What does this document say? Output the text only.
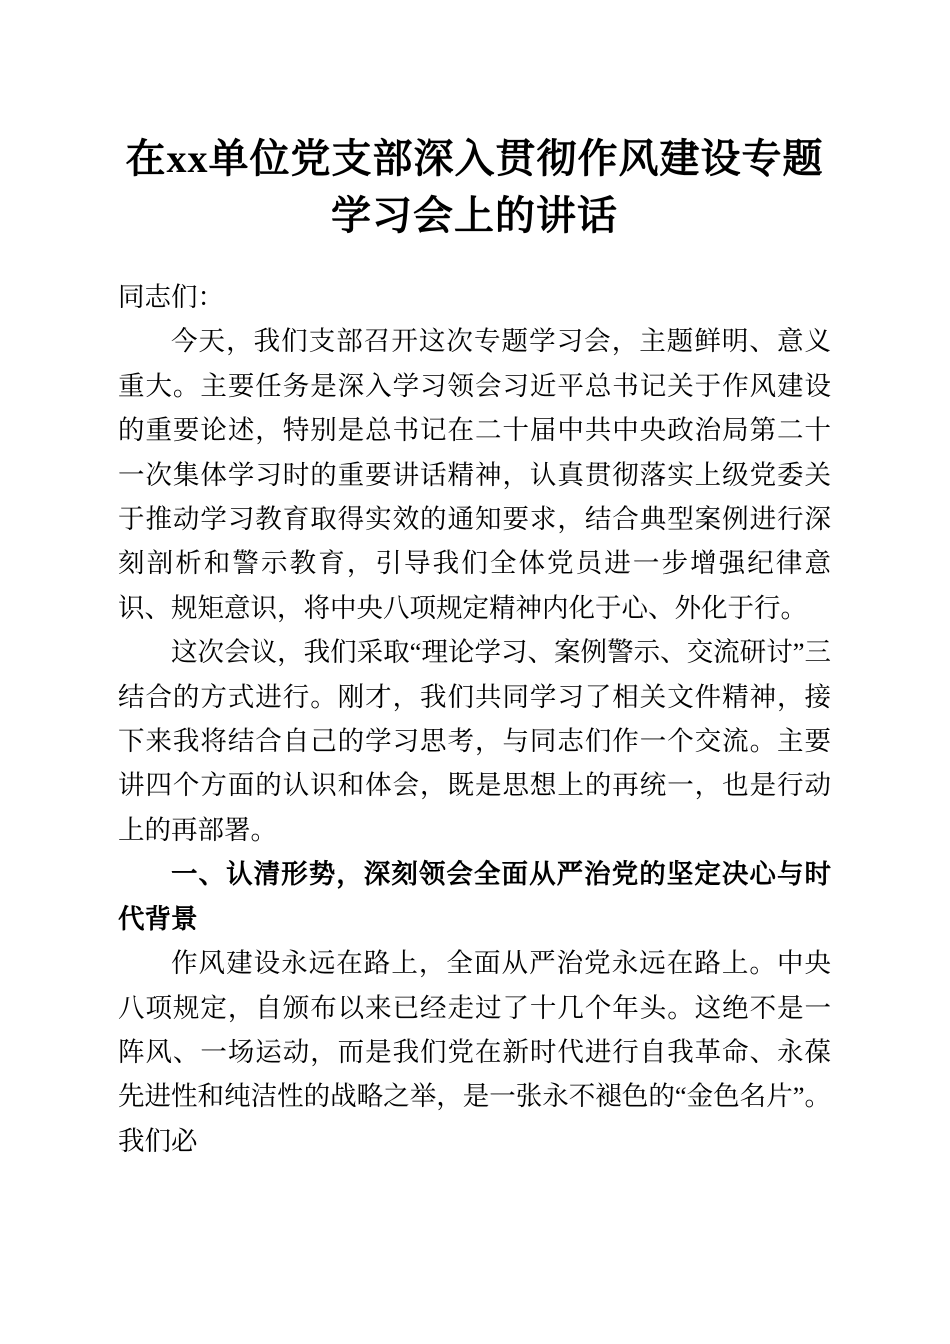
在xx单位党支部深入贯彻作风建设专题学习会上的讲话

同志们：

今天，我们支部召开这次专题学习会，主题鲜明、意义重大。主要任务是深入学习领会习近平总书记关于作风建设的重要论述，特别是总书记在二十届中共中央政治局第二十一次集体学习时的重要讲话精神，认真贯彻落实上级党委关于推动学习教育取得实效的通知要求，结合典型案例进行深刻剖析和警示教育，引导我们全体党员进一步增强纪律意识、规矩意识，将中央八项规定精神内化于心、外化于行。

这次会议，我们采取“理论学习、案例警示、交流研讨”三结合的方式进行。刚才，我们共同学习了相关文件精神，接下来我将结合自己的学习思考，与同志们作一个交流。主要讲四个方面的认识和体会，既是思想上的再统一，也是行动上的再部署。

一、认清形势，深刻领会全面从严治党的坚定决心与时代背景

作风建设永远在路上，全面从严治党永远在路上。中央八项规定，自颁布以来已经走过了十几个年头。这绝不是一阵风、一场运动，而是我们党在新时代进行自我革命、永葆先进性和纯洁性的战略之举，是一张永不褪色的“金色名片”。我们必
